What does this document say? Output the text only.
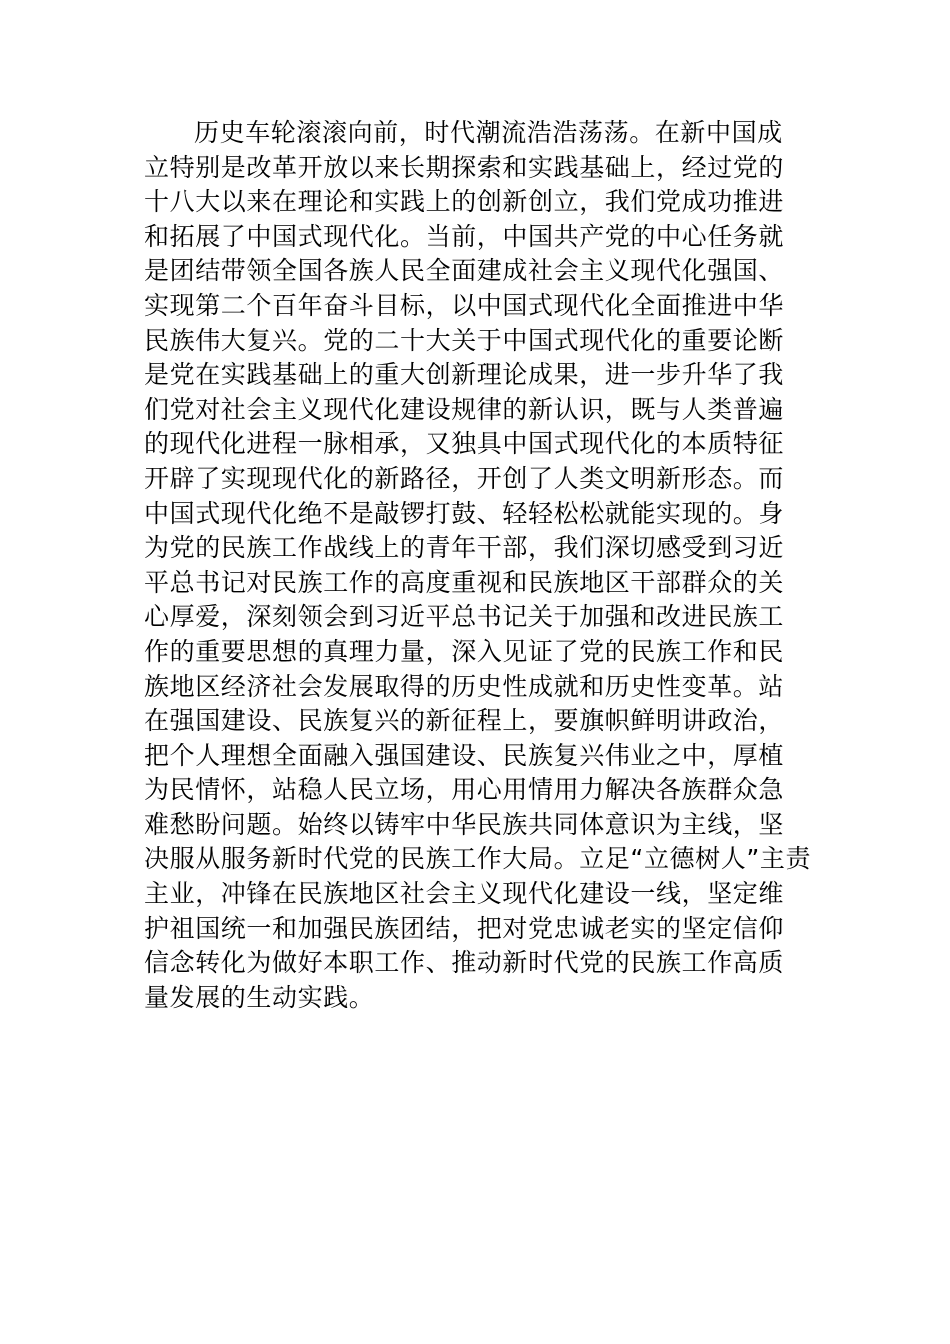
历史车轮滚滚向前，时代潮流浩浩荡荡。在新中国成
立特别是改革开放以来长期探索和实践基础上，经过党的
十八大以来在理论和实践上的创新创立，我们党成功推进
和拓展了中国式现代化。当前，中国共产党的中心任务就
是团结带领全国各族人民全面建成社会主义现代化强国、
实现第二个百年奋斗目标，以中国式现代化全面推进中华
民族伟大复兴。党的二十大关于中国式现代化的重要论断
是党在实践基础上的重大创新理论成果，进一步升华了我
们党对社会主义现代化建设规律的新认识，既与人类普遍
的现代化进程一脉相承，又独具中国式现代化的本质特征
开辟了实现现代化的新路径，开创了人类文明新形态。而
中国式现代化绝不是敲锣打鼓、轻轻松松就能实现的。身
为党的民族工作战线上的青年干部，我们深切感受到习近
平总书记对民族工作的高度重视和民族地区干部群众的关
心厚爱，深刻领会到习近平总书记关于加强和改进民族工
作的重要思想的真理力量，深入见证了党的民族工作和民
族地区经济社会发展取得的历史性成就和历史性变革。站
在强国建设、民族复兴的新征程上，要旗帜鲜明讲政治，
把个人理想全面融入强国建设、民族复兴伟业之中，厚植
为民情怀，站稳人民立场，用心用情用力解决各族群众急
难愁盼问题。始终以铸牢中华民族共同体意识为主线，坚
决服从服务新时代党的民族工作大局。立足“立德树人”主责
主业，冲锋在民族地区社会主义现代化建设一线，坚定维
护祖国统一和加强民族团结，把对党忠诚老实的坚定信仰
信念转化为做好本职工作、推动新时代党的民族工作高质
量发展的生动实践。
